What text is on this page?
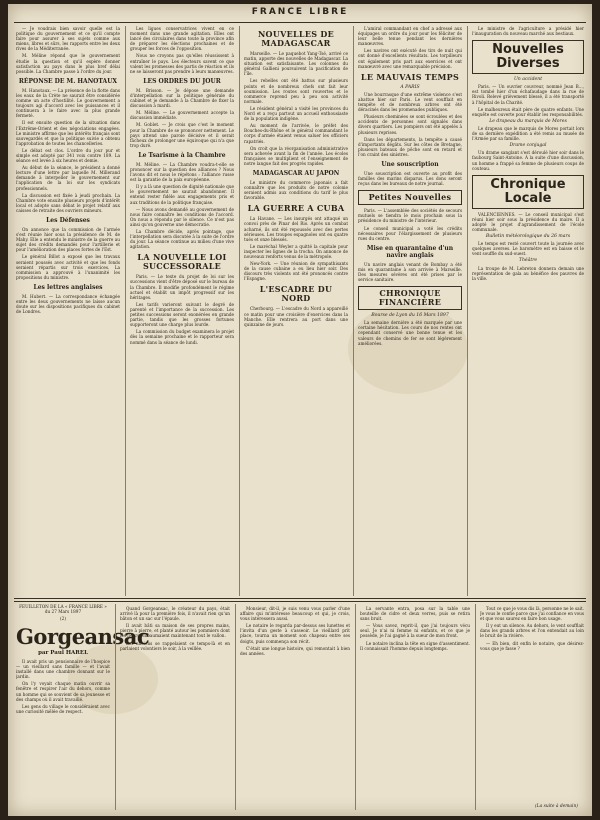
FRANCE LIBRE

— Je voudrais bien savoir quelle est la politique du gouvernement et ce qu'il compte faire pour assurer à ses sujets comme aux miens, libres et sûrs, les rapports entre les deux rives de la Méditerranée.

M. Méline répond que le gouvernement étudie la question et qu'il espère donner satisfaction au pays dans le plus bref délai possible. La Chambre passe à l'ordre du jour.

RÉPONSE DE M. HANOTAUX

M. Hanotaux. — La présence de la flotte dans les eaux de la Crète ne saurait être considérée comme un acte d'hostilité. Le gouvernement a toujours agi d'accord avec les puissances et il continuera à le faire avec la plus grande fermeté.

Il est ensuite question de la situation dans l'Extrême-Orient et des négociations engagées. Le ministre affirme que les intérêts français sont sauvegardés et que la politique suivie a obtenu l'approbation de toutes les chancelleries.

Le débat est clos. L'ordre du jour pur et simple est adopté par 341 voix contre 189. La séance est levée à six heures et demie.

Au début de la séance, le président a donné lecture d'une lettre par laquelle M. Millerand demande à interpeller le gouvernement sur l'application de la loi sur les syndicats professionnels.

La discussion est fixée à jeudi prochain. La Chambre vote ensuite plusieurs projets d'intérêt local et adopte sans débat le projet relatif aux caisses de retraite des ouvriers mineurs.

Les Défenses

On annonce que la commission de l'armée s'est réunie hier sous la présidence de M. de Mahy. Elle a entendu le ministre de la guerre au sujet des crédits demandés pour l'artillerie et pour l'amélioration des places fortes de l'Est.

Le général Billot a exposé que les travaux seraient poussés avec activité et que les fonds seraient répartis sur trois exercices. La commission a approuvé à l'unanimité les propositions du ministre.

Les lettres anglaises

M. Hubert. — La correspondance échangée entre les deux gouvernements ne laisse aucun doute sur les dispositions pacifiques du cabinet de Londres.

Les ligues conservatrices vivent en ce moment dans une grande agitation. Elles ont lancé des circulaires dans toute la province afin de préparer les élections prochaines et de grouper les forces de l'opposition.

Nous ne croyons pas qu'elles réussissent à entraîner le pays. Les électeurs savent ce que valent les promesses des partis de réaction et ils ne se laisseront pas prendre à leurs manœuvres.

LES ORDRES DU JOUR

M. Brisson. — Je dépose une demande d'interpellation sur la politique générale du cabinet et je demande à la Chambre de fixer la discussion à mardi.

M. Méline. — Le gouvernement accepte la discussion immédiate.

M. Goblet. — Je crois que c'est le moment pour la Chambre de se prononcer nettement. Le pays attend une parole décisive et il serait fâcheux de prolonger une équivoque qui n'a que trop duré.

Le Tsarisme à la Chambre

M. Méline. — La Chambre voudra-t-elle se prononcer sur la question des alliances ? Nous l'avons dit et nous le répétons : l'alliance russe est la garantie de la paix européenne.

Il y a là une question de dignité nationale que le gouvernement ne saurait abandonner. Il entend rester fidèle aux engagements pris et aux traditions de la politique française.

— Nous avons demandé au gouvernement de nous faire connaître les conditions de l'accord. On nous a répondu par le silence. Ce n'est pas ainsi qu'on gouverne une démocratie.

La Chambre décide, après pointage, que l'interpellation sera discutée à la suite de l'ordre du jour. La séance continue au milieu d'une vive agitation.

LA NOUVELLE LOI SUCCESSORALE

Paris. — Le texte du projet de loi sur les successions vient d'être déposé sur le bureau de la Chambre. Il modifie profondément le régime actuel et établit un impôt progressif sur les héritages.

Les tarifs varieront suivant le degré de parenté et l'importance de la succession. Les petites successions seront exonérées en grande partie, tandis que les grosses fortunes supporteront une charge plus lourde.

La commission du budget examinera le projet dès la semaine prochaine et le rapporteur sera nommé dans la séance de lundi.

NOUVELLES DE MADAGASCAR

Marseille. — Le paquebot Yang-Tsé, arrivé ce matin, apporte des nouvelles de Madagascar. La situation est satisfaisante. Les colonnes du général Gallieni poursuivent la pacification de l'île.

Les rebelles ont été battus sur plusieurs points et de nombreux chefs ont fait leur soumission. Les routes sont rouvertes et le commerce reprend peu à peu son activité normale.

Le résident général a visité les provinces du Nord et a reçu partout un accueil enthousiaste de la population indigène.

Au moment de l'arrivée, le préfet des Bouches-du-Rhône et le général commandant le corps d'armée étaient venus saluer les officiers rapatriés.

On croit que la réorganisation administrative sera achevée avant la fin de l'année. Les écoles françaises se multiplient et l'enseignement de notre langue fait des progrès rapides.

MADAGASCAR AU JAPON

Le ministre du commerce japonais a fait connaître que les produits de notre colonie seraient admis aux conditions du tarif le plus favorable.

LA GUERRE A CUBA

La Havane. — Les insurgés ont attaqué un convoi près de Pinar del Rio. Après un combat acharné, ils ont été repoussés avec des pertes sérieuses. Les troupes espagnoles ont eu quatre tués et onze blessés.

Le maréchal Weyler a quitté la capitale pour inspecter les lignes de la trocha. On annonce de nouveaux renforts venus de la métropole.

New-York. — Une réunion de sympathisants de la cause cubaine a eu lieu hier soir. Des discours très violents ont été prononcés contre l'Espagne.

L'ESCADRE DU NORD

Cherbourg. — L'escadre du Nord a appareillé ce matin pour une croisière d'exercices dans la Manche. Elle rentrera au port dans une quinzaine de jours.

L'amiral commandant en chef a adressé aux équipages un ordre du jour pour les féliciter de leur belle tenue pendant les dernières manœuvres.

Les navires ont exécuté des tirs de nuit qui ont donné d'excellents résultats. Les torpilleurs ont également pris part aux exercices et ont manœuvré avec une remarquable précision.

LE MAUVAIS TEMPS
A PARIS

Une bourrasque d'une extrême violence s'est abattue hier sur Paris. Le vent soufflait en tempête et de nombreux arbres ont été déracinés dans les promenades publiques.

Plusieurs cheminées se sont écroulées et des accidents de personnes sont signalés dans divers quartiers. Les pompiers ont été appelés à plusieurs reprises.

Dans les départements, la tempête a causé d'importants dégâts. Sur les côtes de Bretagne, plusieurs bateaux de pêche sont en retard et l'on craint des sinistres.

Une souscription

Une souscription est ouverte au profit des familles des marins disparus. Les dons seront reçus dans les bureaux de notre journal.

Petites Nouvelles

Paris. — L'assemblée des sociétés de secours mutuels se tiendra le mois prochain sous la présidence du ministre de l'intérieur.

Le conseil municipal a voté les crédits nécessaires pour l'élargissement de plusieurs rues du centre.

Mise en quarantaine d'un navire anglais

Un navire anglais venant de Bombay a été mis en quarantaine à son arrivée à Marseille. Des mesures sévères ont été prises par le service sanitaire.

CHRONIQUE FINANCIÈRE
Bourse de Lyon du 16 Mars 1897

La semaine dernière a été marquée par une certaine hésitation. Les cours de nos rentes ont cependant conservé une bonne tenue et les valeurs de chemins de fer se sont légèrement améliorées.

Le ministre de l'agriculture a présidé hier l'inauguration du nouveau marché aux bestiaux.

Nouvelles Diverses
Un accident

Paris. — Un ouvrier couvreur, nommé Jean B..., est tombé hier d'un échafaudage dans la rue de Rivoli. Relevé grièvement blessé, il a été transporté à l'hôpital de la Charité.

Le malheureux était père de quatre enfants. Une enquête est ouverte pour établir les responsabilités.

Le drapeau du marquis de Mores

Le drapeau que le marquis de Mores portait lors de sa dernière expédition a été remis au musée de l'Armée par sa famille.

Drame conjugal

Un drame sanglant s'est déroulé hier soir dans le faubourg Saint-Antoine. À la suite d'une discussion, un homme a frappé sa femme de plusieurs coups de couteau.

Chronique Locale

VALENCIENNES. — Le conseil municipal s'est réuni hier soir sous la présidence du maire. Il a adopté le projet d'agrandissement de l'école communale.

Bulletin météorologique du 26 mars

Le temps est resté couvert toute la journée avec quelques averses. Le baromètre est en baisse et le vent souffle du sud-ouest.

Théâtre

La troupe de M. Lebreton donnera demain une représentation de gala au bénéfice des pauvres de la ville.

FEUILLETON DE LA « FRANCE LIBRE » du 27 Mars 1897
(2)
Gorgeansac
par Paul HAREL

Il avait pris un pensionnaire de l'hospice — un vieillard sans famille — et l'avait installé dans une chambre donnant sur le jardin.

On l'y voyait chaque matin ouvrir sa fenêtre et respirer l'air du dehors, comme un homme qui se souvient de sa jeunesse et des champs où il avait travaillé.

Les gens du village le considéraient avec une curiosité mêlée de respect.

Quand Gorgeansac, le créateur du pays, était arrivé là pour la première fois, il n'avait rien qu'un bâton et un sac sur l'épaule.

Il avait bâti sa maison de ses propres mains, pierre à pierre, et planté autour les pommiers dont les fleurs embaumaient maintenant tout le vallon.

Les anciens se rappelaient ce temps-là et en parlaient volontiers le soir, à la veillée.

Monsieur, dit-il, je suis venu vous parler d'une affaire qui m'intéresse beaucoup et qui, je crois, vous intéressera aussi.

Le notaire le regarda par-dessus ses lunettes et l'invita d'un geste à s'asseoir. Le vieillard prit place, tourna un moment son chapeau entre ses doigts, puis commença son récit.

C'était une longue histoire, qui remontait à bien des années.

La servante entra, posa sur la table une bouteille de cidre et deux verres, puis se retira sans bruit.

— Vous savez, reprit-il, que j'ai toujours vécu seul. Je n'ai ni femme ni enfants, et ce que je possède, je l'ai gagné à la sueur de mon front.

Le notaire inclina la tête en signe d'assentiment. Il connaissait l'homme depuis longtemps.

Tout ce que je vous dis là, personne ne le sait. Je vous le confie parce que j'ai confiance en vous et que vous saurez en faire bon usage.

Il y eut un silence. Au dehors, le vent soufflait dans les grands arbres et l'on entendait au loin le bruit de la rivière.

— Eh bien, dit enfin le notaire, que désirez-vous que je fasse ?

(La suite à demain)
